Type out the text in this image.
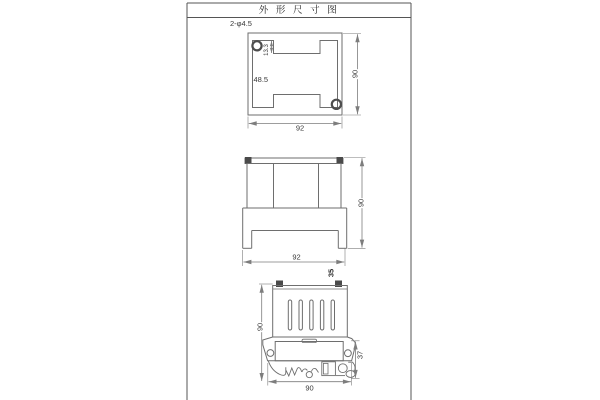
外 形 尺 寸 图
2-φ4.5
13.3
48.5
92
90
92
90
35
90
37
90
